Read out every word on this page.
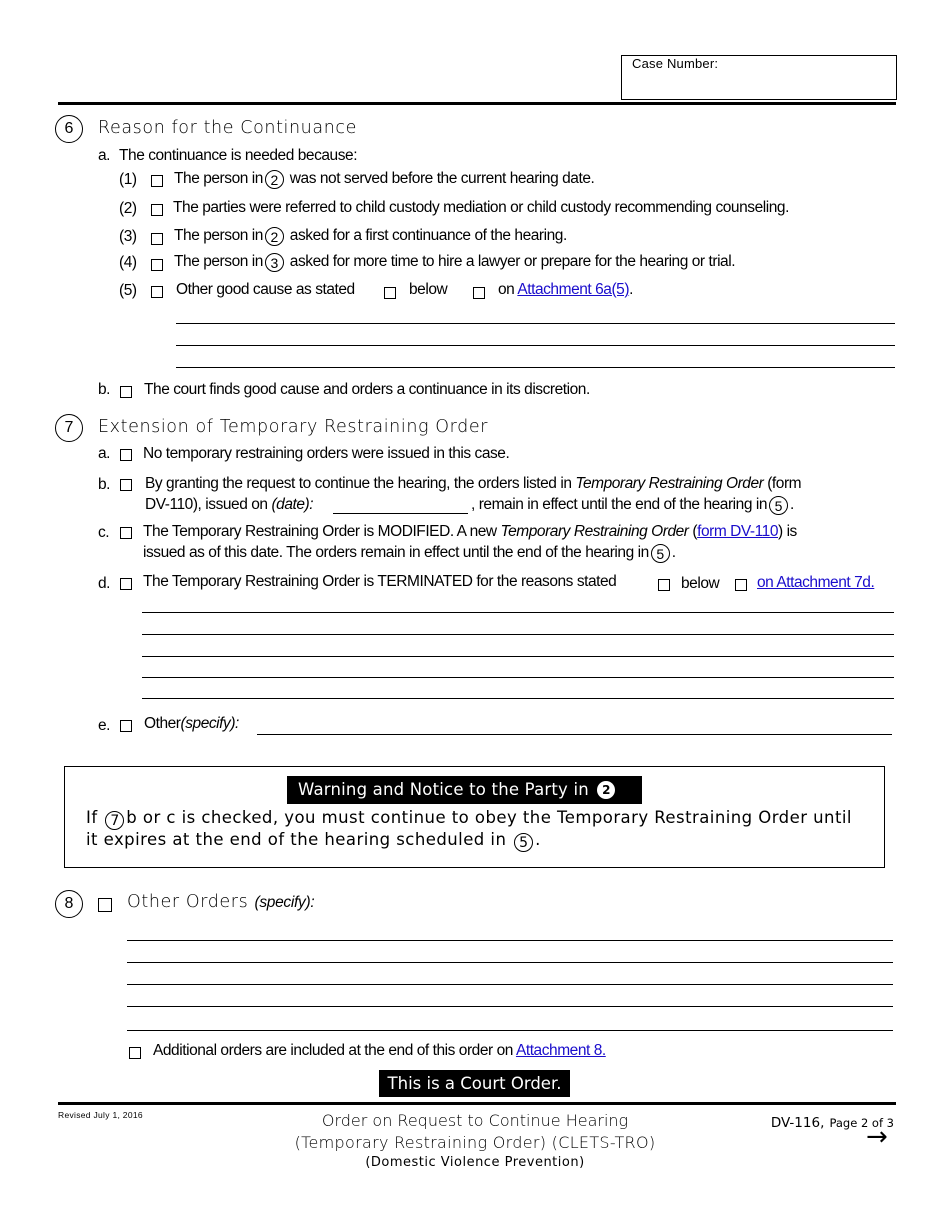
Case Number:
6	Reason for the Continuance
a. The continuance is needed because:
(1) The person in 2 was not served before the current hearing date.
(2) The parties were referred to child custody mediation or child custody recommending counseling.
(3) The person in 2 asked for a first continuance of the hearing.
(4) The person in 3 asked for more time to hire a lawyer or prepare for the hearing or trial.
(5)	Other good cause as stated	below	on Attachment 6a(5).
b. The court finds good cause and orders a continuance in its discretion.
7	Extension of Temporary Restraining Order
a. No temporary restraining orders were issued in this case.
b. By granting the request to continue the hearing, the orders listed in Temporary Restraining Order (form
DV-110), issued on (date):	, remain in effect until the end of the hearing in 5 .
c. The Temporary Restraining Order is MODIFIED. A new Temporary Restraining Order (form DV-110) is
issued as of this date. The orders remain in effect until the end of the hearing in 5 .
d. The Temporary Restraining Order is TERMINATED for the reasons stated	below on Attachment 7d.
e. Other(specify):
Warning and Notice to the Party in 2
If 7 b or c is checked, you must continue to obey the Temporary Restraining Order until
it expires at the end of the hearing scheduled in 5 .
8	Other Orders (specify):
Additional orders are included at the end of this order on Attachment 8.
This is a Court Order.
Revised July 1, 2016	Order on Request to Continue Hearing
(Temporary Restraining Order) (CLETS-TRO)
(Domestic Violence Prevention)
DV-116, Page 2 of 3
→
